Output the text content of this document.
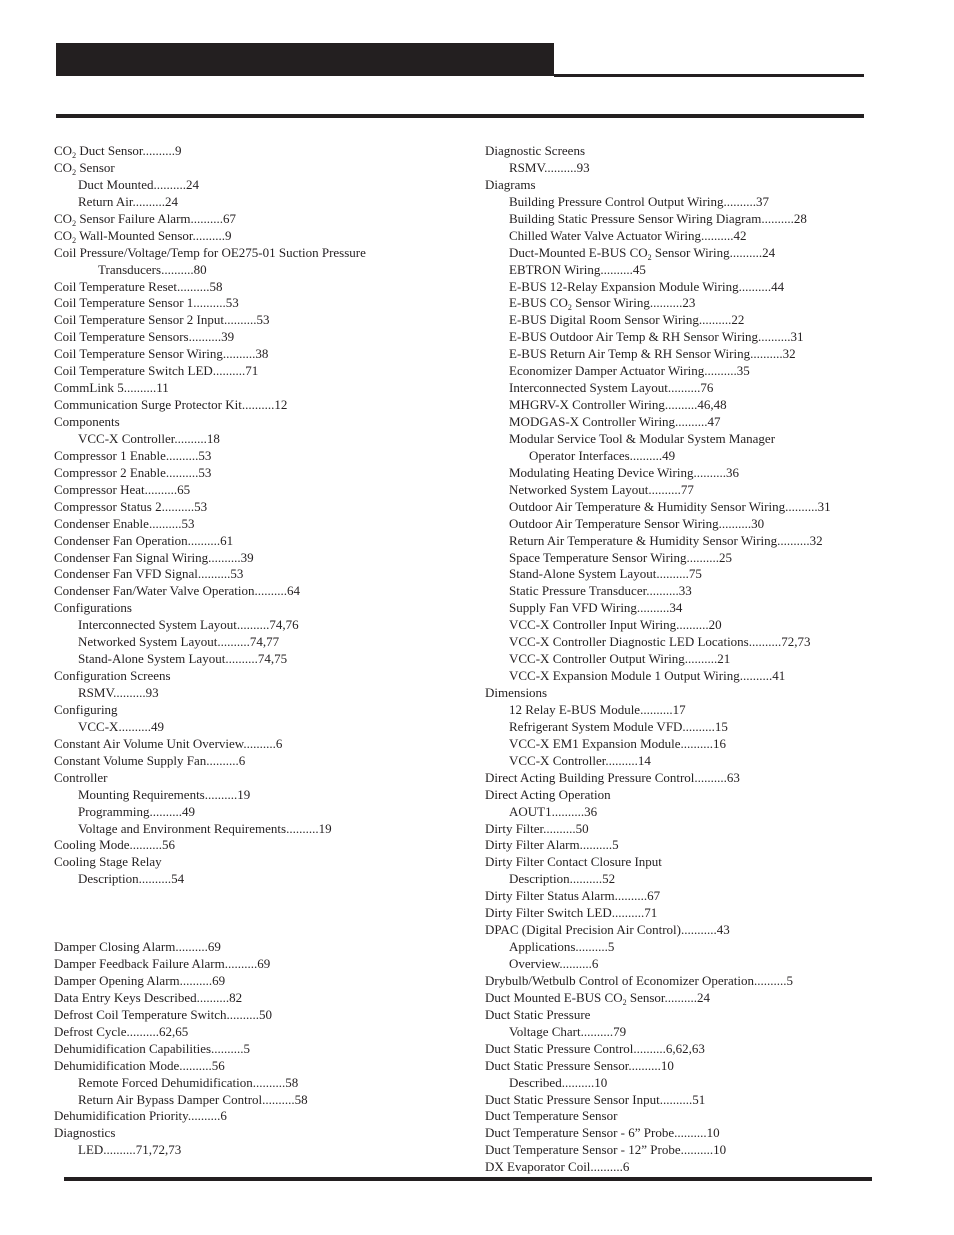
$CO_2$ Duct Sensor..........9
$CO_2$ Sensor
Duct Mounted..........24
Return Air..........24
$CO_2$ Sensor Failure Alarm..........67
$CO_2$ Wall-Mounted Sensor..........9
Coil Pressure/Voltage/Temp for OE275-01 Suction Pressure
Transducers..........80
Coil Temperature Reset..........58
Coil Temperature Sensor 1..........53
Coil Temperature Sensor 2 Input..........53
Coil Temperature Sensors..........39
Coil Temperature Sensor Wiring..........38
Coil Temperature Switch LED..........71
CommLink 5..........11
Communication Surge Protector Kit..........12
Components
VCC-X Controller..........18
Compressor 1 Enable..........53
Compressor 2 Enable..........53
Compressor Heat..........65
Compressor Status 2..........53
Condenser Enable..........53
Condenser Fan Operation..........61
Condenser Fan Signal Wiring..........39
Condenser Fan VFD Signal..........53
Condenser Fan/Water Valve Operation..........64
Configurations
Interconnected System Layout..........74,76
Networked System Layout..........74,77
Stand-Alone System Layout..........74,75
Configuration Screens
RSMV..........93
Configuring
VCC-X..........49
Constant Air Volume Unit Overview..........6
Constant Volume Supply Fan..........6
Controller
Mounting Requirements..........19
Programming..........49
Voltage and Environment Requirements..........19
Cooling Mode..........56
Cooling Stage Relay
Description..........54
Damper Closing Alarm..........69
Damper Feedback Failure Alarm..........69
Damper Opening Alarm..........69
Data Entry Keys Described..........82
Defrost Coil Temperature Switch..........50
Defrost Cycle..........62,65
Dehumidification Capabilities..........5
Dehumidification Mode..........56
Remote Forced Dehumidification..........58
Return Air Bypass Damper Control..........58
Dehumidification Priority..........6
Diagnostics
LED..........71,72,73
Diagnostic Screens
RSMV..........93
Diagrams
Building Pressure Control Output Wiring..........37
Building Static Pressure Sensor Wiring Diagram..........28
Chilled Water Valve Actuator Wiring..........42
Duct-Mounted E-BUS $CO_2$ Sensor Wiring..........24
EBTRON Wiring..........45
E-BUS 12-Relay Expansion Module Wiring..........44
E-BUS $CO_2$ Sensor Wiring..........23
E-BUS Digital Room Sensor Wiring..........22
E-BUS Outdoor Air Temp & RH Sensor Wiring..........31
E-BUS Return Air Temp & RH Sensor Wiring..........32
Economizer Damper Actuator Wiring..........35
Interconnected System Layout..........76
MHGRV-X Controller Wiring..........46,48
MODGAS-X Controller Wiring..........47
Modular Service Tool & Modular System Manager
Operator Interfaces..........49
Modulating Heating Device Wiring..........36
Networked System Layout..........77
Outdoor Air Temperature & Humidity Sensor Wiring..........31
Outdoor Air Temperature Sensor Wiring..........30
Return Air Temperature & Humidity Sensor Wiring..........32
Space Temperature Sensor Wiring..........25
Stand-Alone System Layout..........75
Static Pressure Transducer..........33
Supply Fan VFD Wiring..........34
VCC-X Controller Input Wiring..........20
VCC-X Controller Diagnostic LED Locations..........72,73
VCC-X Controller Output Wiring..........21
VCC-X Expansion Module 1 Output Wiring..........41
Dimensions
12 Relay E-BUS Module..........17
Refrigerant System Module VFD..........15
VCC-X EM1 Expansion Module..........16
VCC-X Controller..........14
Direct Acting Building Pressure Control..........63
Direct Acting Operation
AOUT1..........36
Dirty Filter..........50
Dirty Filter Alarm..........5
Dirty Filter Contact Closure Input
Description..........52
Dirty Filter Status Alarm..........67
Dirty Filter Switch LED..........71
DPAC (Digital Precision Air Control)...........43
Applications..........5
Overview..........6
Drybulb/Wetbulb Control of Economizer Operation..........5
Duct Mounted E-BUS $CO_2$ Sensor..........24
Duct Static Pressure
Voltage Chart..........79
Duct Static Pressure Control..........6,62,63
Duct Static Pressure Sensor..........10
Described..........10
Duct Static Pressure Sensor Input..........51
Duct Temperature Sensor
Duct Temperature Sensor - 6” Probe..........10
Duct Temperature Sensor - 12” Probe..........10
DX Evaporator Coil..........6
